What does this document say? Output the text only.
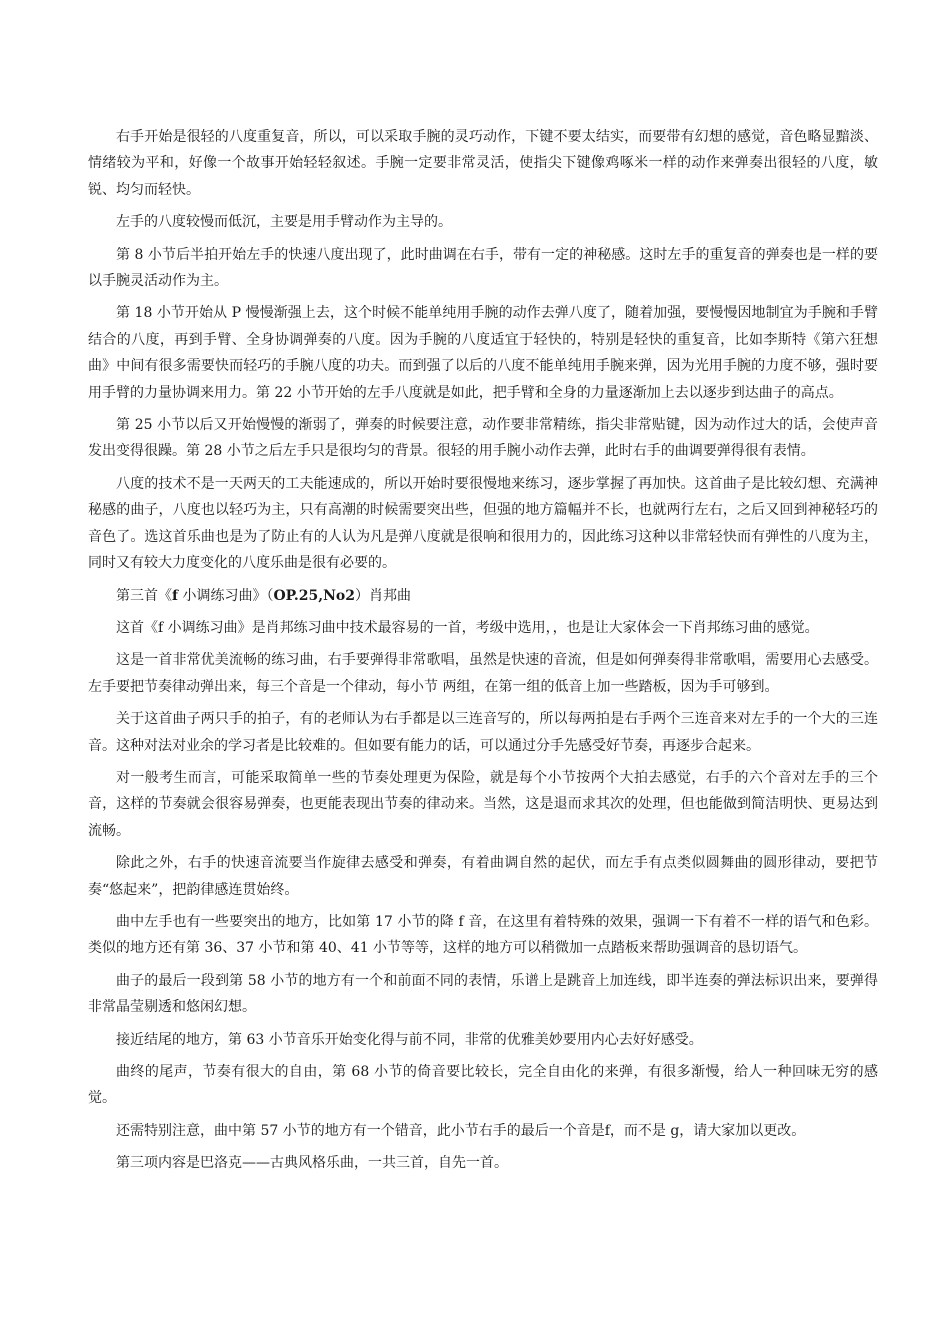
右手开始是很轻的八度重复音，所以，可以采取手腕的灵巧动作，下键不要太结实，而要带有幻想的感觉，音色略显黯淡、情绪较为平和，好像一个故事开始轻轻叙述。手腕一定要非常灵活，使指尖下键像鸡啄米一样的动作来弹奏出很轻的八度，敏锐、均匀而轻快。

左手的八度较慢而低沉，主要是用手臂动作为主导的。

第 8 小节后半拍开始左手的快速八度出现了，此时曲调在右手，带有一定的神秘感。这时左手的重复音的弹奏也是一样的要以手腕灵活动作为主。

第 18 小节开始从 P 慢慢渐强上去，这个时候不能单纯用手腕的动作去弹八度了，随着加强，要慢慢因地制宜为手腕和手臂结合的八度，再到手臂、全身协调弹奏的八度。因为手腕的八度适宜于轻快的，特别是轻快的重复音，比如李斯特《第六狂想曲》中间有很多需要快而轻巧的手腕八度的功夫。而到强了以后的八度不能单纯用手腕来弹，因为光用手腕的力度不够，强时要用手臂的力量协调来用力。第 22 小节开始的左手八度就是如此，把手臂和全身的力量逐渐加上去以逐步到达曲子的高点。

第 25 小节以后又开始慢慢的渐弱了，弹奏的时候要注意，动作要非常精练，指尖非常贴键，因为动作过大的话，会使声音发出变得很躁。第 28 小节之后左手只是很均匀的背景。很轻的用手腕小动作去弹，此时右手的曲调要弹得很有表情。

八度的技术不是一天两天的工夫能速成的，所以开始时要很慢地来练习，逐步掌握了再加快。这首曲子是比较幻想、充满神秘感的曲子，八度也以轻巧为主，只有高潮的时候需要突出些，但强的地方篇幅并不长，也就两行左右，之后又回到神秘轻巧的音色了。选这首乐曲也是为了防止有的人认为凡是弹八度就是很响和很用力的，因此练习这种以非常轻快而有弹性的八度为主，同时又有较大力度变化的八度乐曲是很有必要的。

第三首《f 小调练习曲》（OP.25,No2）肖邦曲

这首《f 小调练习曲》是肖邦练习曲中技术最容易的一首，考级中选用，，也是让大家体会一下肖邦练习曲的感觉。

这是一首非常优美流畅的练习曲，右手要弹得非常歌唱，虽然是快速的音流，但是如何弹奏得非常歌唱，需要用心去感受。左手要把节奏律动弹出来，每三个音是一个律动，每小节 两组，在第一组的低音上加一些踏板，因为手可够到。

关于这首曲子两只手的拍子，有的老师认为右手都是以三连音写的，所以每两拍是右手两个三连音来对左手的一个大的三连音。这种对法对业余的学习者是比较难的。但如要有能力的话，可以通过分手先感受好节奏，再逐步合起来。

对一般考生而言，可能采取简单一些的节奏处理更为保险，就是每个小节按两个大拍去感觉，右手的六个音对左手的三个音，这样的节奏就会很容易弹奏，也更能表现出节奏的律动来。当然，这是退而求其次的处理，但也能做到简洁明快、更易达到流畅。

除此之外，右手的快速音流要当作旋律去感受和弹奏，有着曲调自然的起伏，而左手有点类似圆舞曲的圆形律动，要把节奏“悠起来”，把韵律感连贯始终。

曲中左手也有一些要突出的地方，比如第 17 小节的降 f 音，在这里有着特殊的效果，强调一下有着不一样的语气和色彩。类似的地方还有第 36、37 小节和第 40、41 小节等等，这样的地方可以稍微加一点踏板来帮助强调音的恳切语气。

曲子的最后一段到第 58 小节的地方有一个和前面不同的表情，乐谱上是跳音上加连线，即半连奏的弹法标识出来，要弹得非常晶莹剔透和悠闲幻想。

接近结尾的地方，第 63 小节音乐开始变化得与前不同，非常的优雅美妙要用内心去好好感受。

曲终的尾声，节奏有很大的自由，第 68 小节的倚音要比较长，完全自由化的来弹，有很多渐慢，给人一种回味无穷的感觉。

还需特别注意，曲中第 57 小节的地方有一个错音，此小节右手的最后一个音是f，而不是 g，请大家加以更改。

第三项内容是巴洛克——古典风格乐曲，一共三首，自先一首。
